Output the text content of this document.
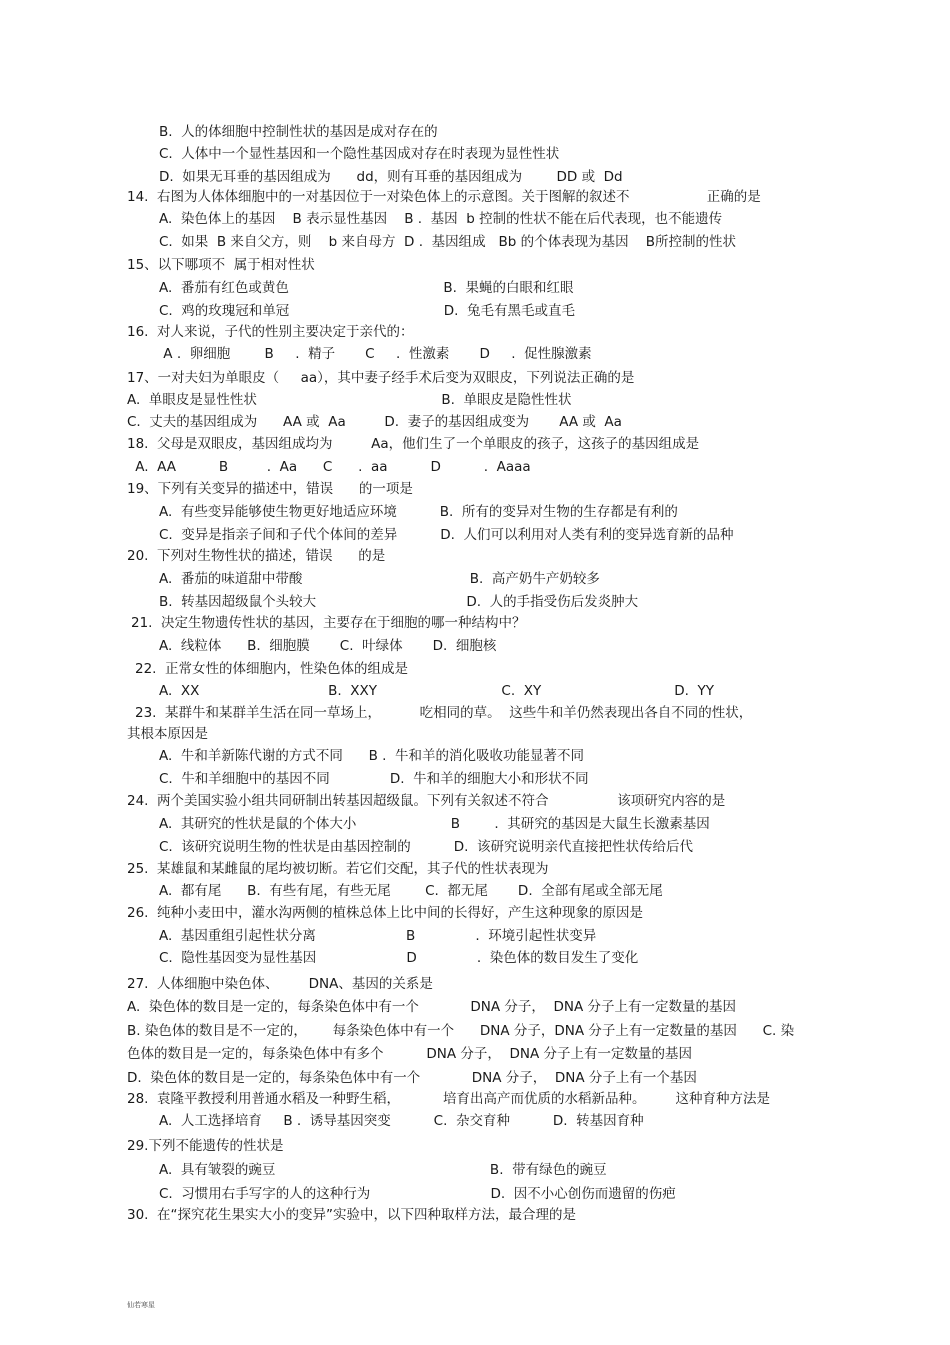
B.  人的体细胞中控制性状的基因是成对存在的
C.  人体中一个显性基因和一个隐性基因成对存在时表现为显性性状
D.  如果无耳垂的基因组成为      dd，则有耳垂的基因组成为        DD 或  Dd
14.  右图为人体体细胞中的一对基因位于一对染色体上的示意图。关于图解的叙述不                  正确的是
A.  染色体上的基因    B 表示显性基因    B .  基因  b 控制的性状不能在后代表现，也不能遗传
C.  如果  B 来自父方，则    b 来自母方  D .  基因组成   Bb 的个体表现为基因    B所控制的性状
15、以下哪项不  属于相对性状
A.  番茄有红色或黄色                                    B.  果蝇的白眼和红眼
C.  鸡的玫瑰冠和单冠                                    D.  兔毛有黑毛或直毛
16.  对人来说，子代的性别主要决定于亲代的：
A .  卵细胞        B     .  精子       C     .  性激素       D     .  促性腺激素
17、一对夫妇为单眼皮（     aa），其中妻子经手术后变为双眼皮，下列说法正确的是
A.  单眼皮是显性性状                                           B.  单眼皮是隐性性状
C.  丈夫的基因组成为      AA 或  Aa         D.  妻子的基因组成变为       AA 或  Aa
18.  父母是双眼皮，基因组成均为         Aa，他们生了一个单眼皮的孩子，这孩子的基因组成是
A.  AA          B         .  Aa      C      .  aa          D          .  Aaaa
19、下列有关变异的描述中，错误      的一项是
A.  有些变异能够使生物更好地适应环境          B.  所有的变异对生物的生存都是有利的
C.  变异是指亲子间和子代个体间的差异          D.  人们可以利用对人类有利的变异选育新的品种
20.  下列对生物性状的描述，错误      的是
A.  番茄的味道甜中带酸                                       B.  高产奶牛产奶较多
B.  转基因超级鼠个头较大                                   D.  人的手指受伤后发炎肿大
21.  决定生物遗传性状的基因，主要存在于细胞的哪一种结构中？
A.  线粒体      B.  细胞膜       C.  叶绿体       D.  细胞核
22.  正常女性的体细胞内，性染色体的组成是
A.  XX                              B.  XXY                             C.  XY                               D.  YY
23.  某群牛和某群羊生活在同一草场上，         吃相同的草。  这些牛和羊仍然表现出各自不同的性状，
其根本原因是
A.  牛和羊新陈代谢的方式不同      B .  牛和羊的消化吸收功能显著不同
C.  牛和羊细胞中的基因不同              D.  牛和羊的细胞大小和形状不同
24.  两个美国实验小组共同研制出转基因超级鼠。下列有关叙述不符合                该项研究内容的是
A.  其研究的性状是鼠的个体大小                      B        .  其研究的基因是大鼠生长激素基因
C.  该研究说明生物的性状是由基因控制的          D.  该研究说明亲代直接把性状传给后代
25.  某雄鼠和某雌鼠的尾均被切断。若它们交配，其子代的性状表现为
A.  都有尾      B.  有些有尾，有些无尾        C.  都无尾       D.  全部有尾或全部无尾
26.  纯种小麦田中，灌水沟两侧的植株总体上比中间的长得好，产生这种现象的原因是
A.  基因重组引起性状分离                     B              .  环境引起性状变异
C.  隐性基因变为显性基因                     D              .  染色体的数目发生了变化
27.  人体细胞中染色体、       DNA、基因的关系是
A.  染色体的数目是一定的，每条染色体中有一个            DNA 分子，  DNA 分子上有一定数量的基因
B. 染色体的数目是不一定的，      每条染色体中有一个      DNA 分子，DNA 分子上有一定数量的基因      C. 染
色体的数目是一定的，每条染色体中有多个          DNA 分子，  DNA 分子上有一定数量的基因
D.  染色体的数目是一定的，每条染色体中有一个            DNA 分子，  DNA 分子上有一个基因
28.  袁隆平教授利用普通水稻及一种野生稻，          培育出高产而优质的水稻新品种。       这种育种方法是
A.  人工选择培育     B .  诱导基因突变          C.  杂交育种          D.  转基因育种
29.下列不能遗传的性状是
A.  具有皱裂的豌豆                                                  B.  带有绿色的豌豆
C.  习惯用右手写字的人的这种行为                            D.  因不小心创伤而遗留的伤疤
30.  在“探究花生果实大小的变异”实验中，以下四种取样方法，最合理的是
仙若寒星
